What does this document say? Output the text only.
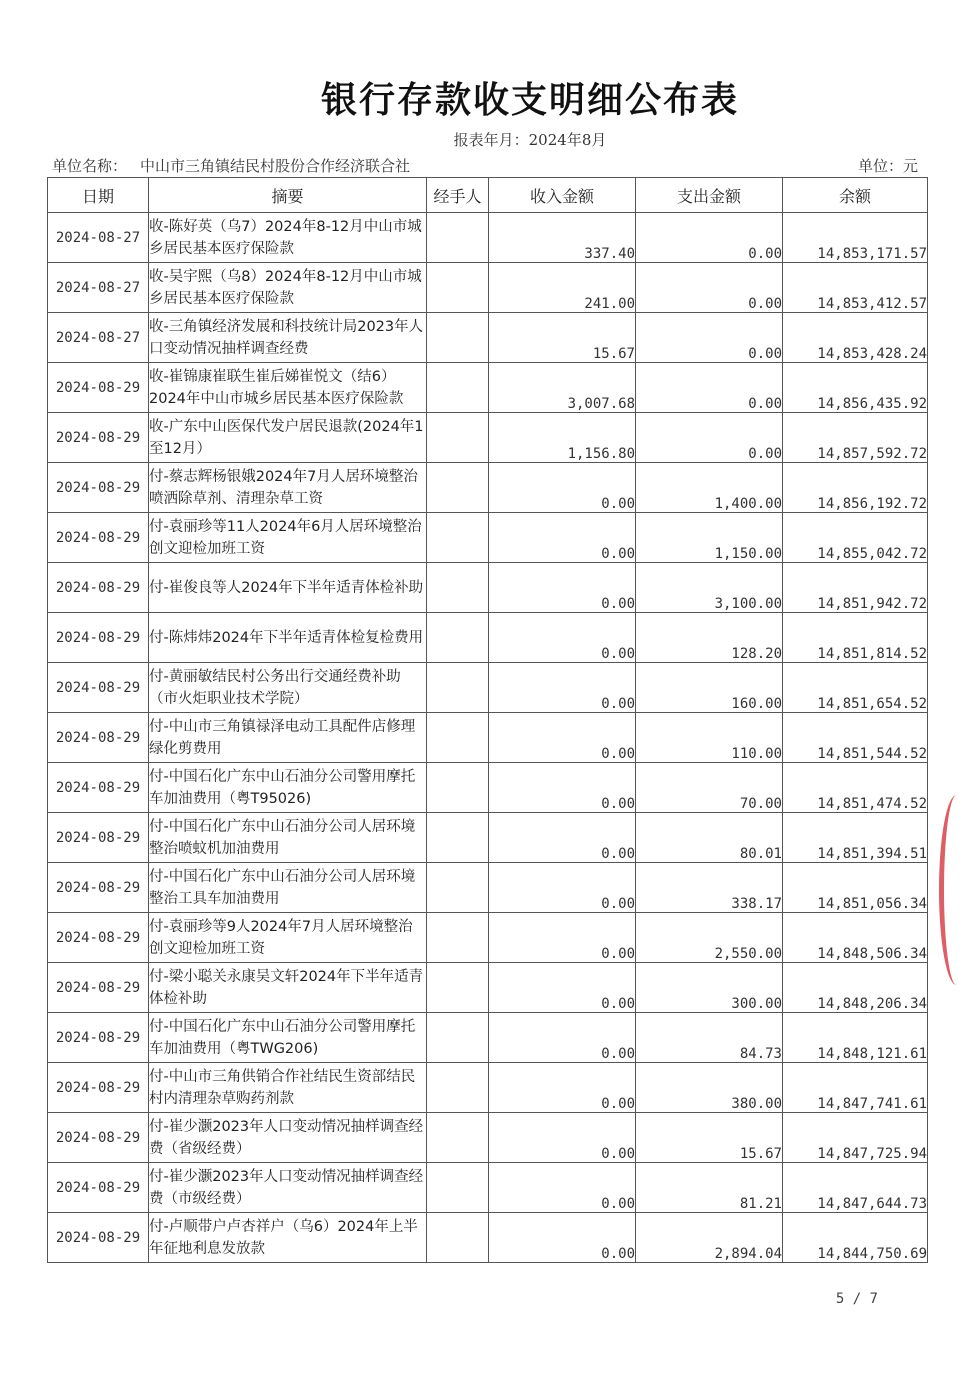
银行存款收支明细公布表
报表年月：2024年8月
单位名称： 中山市三角镇结民村股份合作经济联合社	单位：元
日期	摘要	经手人	收入金额	支出金额	余额
2024-08-27	收-陈好英（乌7）2024年8-12月中山市城乡居民基本医疗保险款		337.40	0.00	14,853,171.57
2024-08-27	收-吴宇熙（乌8）2024年8-12月中山市城乡居民基本医疗保险款		241.00	0.00	14,853,412.57
2024-08-27	收-三角镇经济发展和科技统计局2023年人口变动情况抽样调查经费		15.67	0.00	14,853,428.24
2024-08-29	收-崔锦康崔联生崔后娣崔悦文（结6）2024年中山市城乡居民基本医疗保险款		3,007.68	0.00	14,856,435.92
2024-08-29	收-广东中山医保代发户居民退款(2024年1至12月）		1,156.80	0.00	14,857,592.72
2024-08-29	付-蔡志辉杨银娥2024年7月人居环境整治喷洒除草剂、清理杂草工资		0.00	1,400.00	14,856,192.72
2024-08-29	付-袁丽珍等11人2024年6月人居环境整治创文迎检加班工资		0.00	1,150.00	14,855,042.72
2024-08-29	付-崔俊良等人2024年下半年适青体检补助		0.00	3,100.00	14,851,942.72
2024-08-29	付-陈炜炜2024年下半年适青体检复检费用		0.00	128.20	14,851,814.52
2024-08-29	付-黄丽敏结民村公务出行交通经费补助（市火炬职业技术学院）		0.00	160.00	14,851,654.52
2024-08-29	付-中山市三角镇禄泽电动工具配件店修理绿化剪费用		0.00	110.00	14,851,544.52
2024-08-29	付-中国石化广东中山石油分公司警用摩托车加油费用（粤T95026)		0.00	70.00	14,851,474.52
2024-08-29	付-中国石化广东中山石油分公司人居环境整治喷蚊机加油费用		0.00	80.01	14,851,394.51
2024-08-29	付-中国石化广东中山石油分公司人居环境整治工具车加油费用		0.00	338.17	14,851,056.34
2024-08-29	付-袁丽珍等9人2024年7月人居环境整治创文迎检加班工资		0.00	2,550.00	14,848,506.34
2024-08-29	付-梁小聪关永康吴文轩2024年下半年适青体检补助		0.00	300.00	14,848,206.34
2024-08-29	付-中国石化广东中山石油分公司警用摩托车加油费用（粤TWG206)		0.00	84.73	14,848,121.61
2024-08-29	付-中山市三角供销合作社结民生资部结民村内清理杂草购药剂款		0.00	380.00	14,847,741.61
2024-08-29	付-崔少灏2023年人口变动情况抽样调查经费（省级经费）		0.00	15.67	14,847,725.94
2024-08-29	付-崔少灏2023年人口变动情况抽样调查经费（市级经费）		0.00	81.21	14,847,644.73
2024-08-29	付-卢顺带户卢杏祥户（乌6）2024年上半年征地利息发放款		0.00	2,894.04	14,844,750.69
5 / 7
